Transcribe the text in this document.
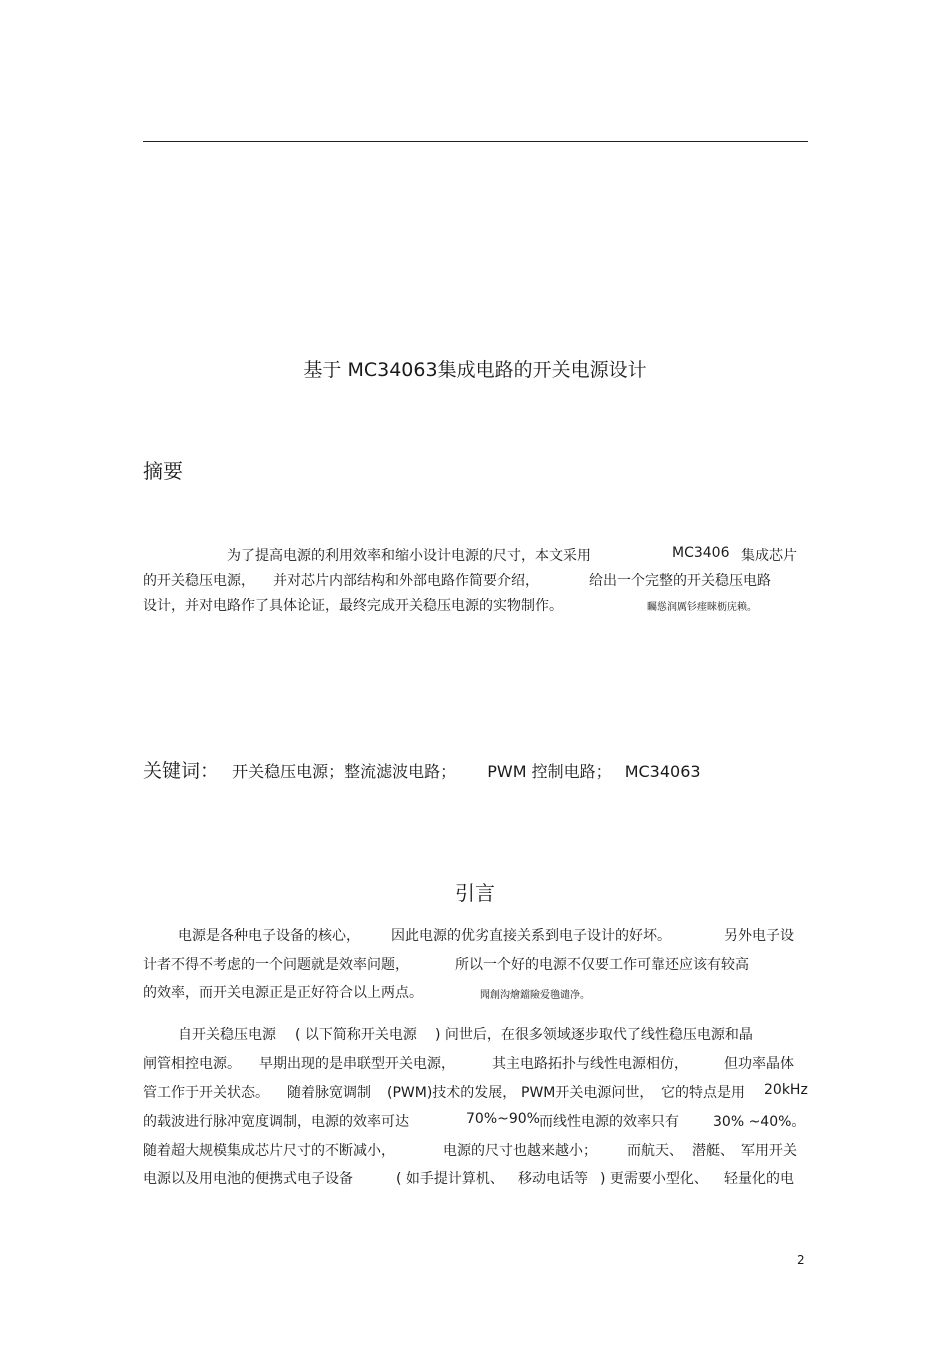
基于 MC34063集成电路的开关电源设计
摘要
为了提高电源的利用效率和缩小设计电源的尺寸，本文采用	MC3406 集成芯片
的开关稳压电源， 并对芯片内部结构和外部电路作简要介绍，	给出一个完整的开关稳压电路
设计，并对电路作了具体论证，最终完成开关稳压电源的实物制作。	矚慫润厲钐瘗睞枥庑赖。
关键词： 开关稳压电源；整流滤波电路； PWM 控制电路； MC34063
引言
电源是各种电子设备的核心， 因此电源的优劣直接关系到电子设计的好坏。	另外电子设
计者不得不考虑的一个问题就是效率问题，	所以一个好的电源不仅要工作可靠还应该有较高
的效率，而开关电源正是正好符合以上两点。	聞創沟燴鐺險爱氇谴净。
自开关稳压电源 ( 以下简称开关电源 ) 问世后，在很多领域逐步取代了线性稳压电源和晶
闸管相控电源。 早期出现的是串联型开关电源，	其主电路拓扑与线性电源相仿，	但功率晶体
管工作于开关状态。 随着脉宽调制 (PWM)技术的发展， PWM开关电源问世， 它的特点是用 20kHz
的载波进行脉冲宽度调制，电源的效率可达	70%~90% 而线性电源的效率只有 30% ~40%。
随着超大规模集成芯片尺寸的不断减小，	电源的尺寸也越来越小； 而航天、 潜艇、 军用开关
电源以及用电池的便携式电子设备	( 如手提计算机、 移动电话等 ) 更需要小型化、 轻量化的电
2
